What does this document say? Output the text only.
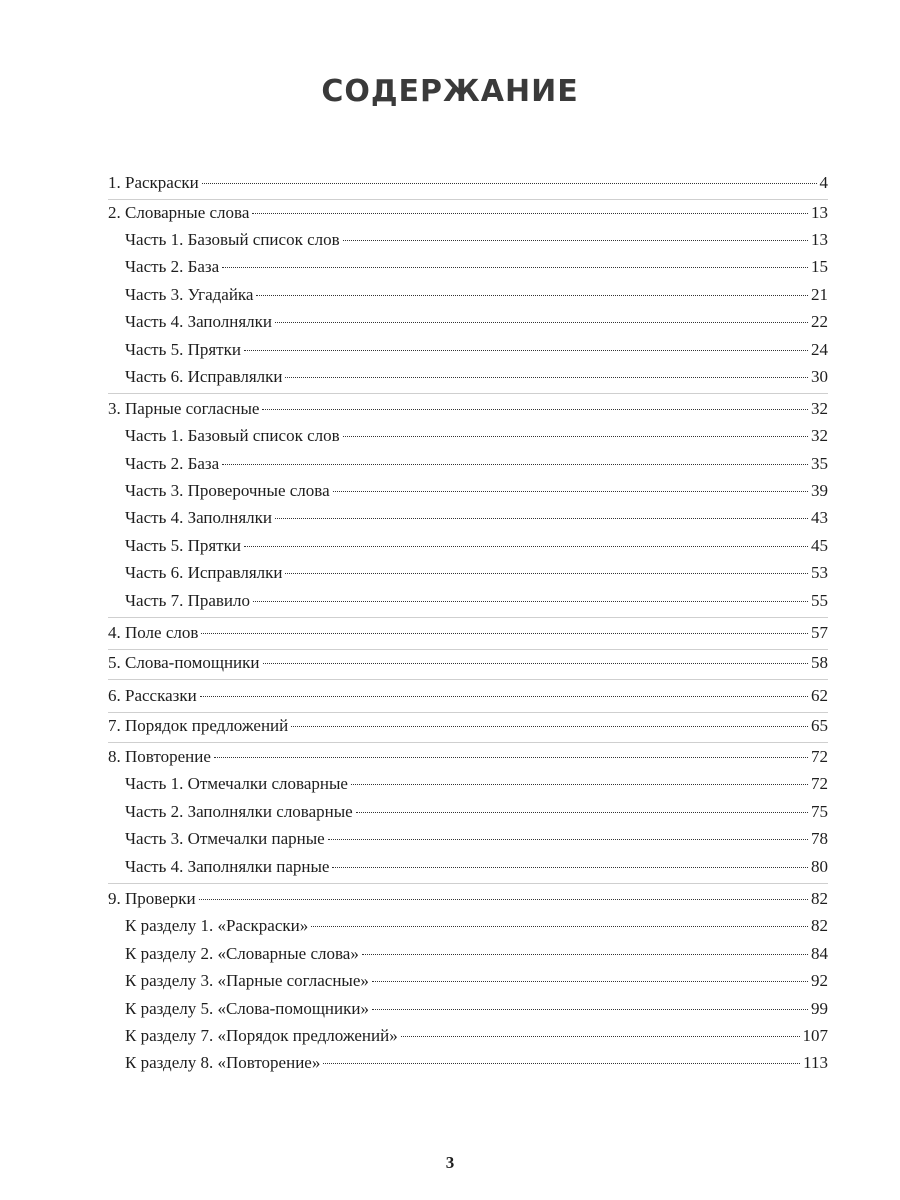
СОДЕРЖАНИЕ
1. Раскраски	4
2. Словарные слова	13
Часть 1. Базовый список слов	13
Часть 2. База	15
Часть 3. Угадайка	21
Часть 4. Заполнялки	22
Часть 5. Прятки	24
Часть 6. Исправлялки	30
3. Парные согласные	32
Часть 1. Базовый список слов	32
Часть 2. База	35
Часть 3. Проверочные слова	39
Часть 4. Заполнялки	43
Часть 5. Прятки	45
Часть 6. Исправлялки	53
Часть 7. Правило	55
4. Поле слов	57
5. Слова-помощники	58
6. Рассказки	62
7. Порядок предложений	65
8. Повторение	72
Часть 1. Отмечалки словарные	72
Часть 2. Заполнялки словарные	75
Часть 3. Отмечалки парные	78
Часть 4. Заполнялки парные	80
9. Проверки	82
К разделу 1. «Раскраски»	82
К разделу 2. «Словарные слова»	84
К разделу 3. «Парные согласные»	92
К разделу 5. «Слова-помощники»	99
К разделу 7. «Порядок предложений»	107
К разделу 8. «Повторение»	113
3
